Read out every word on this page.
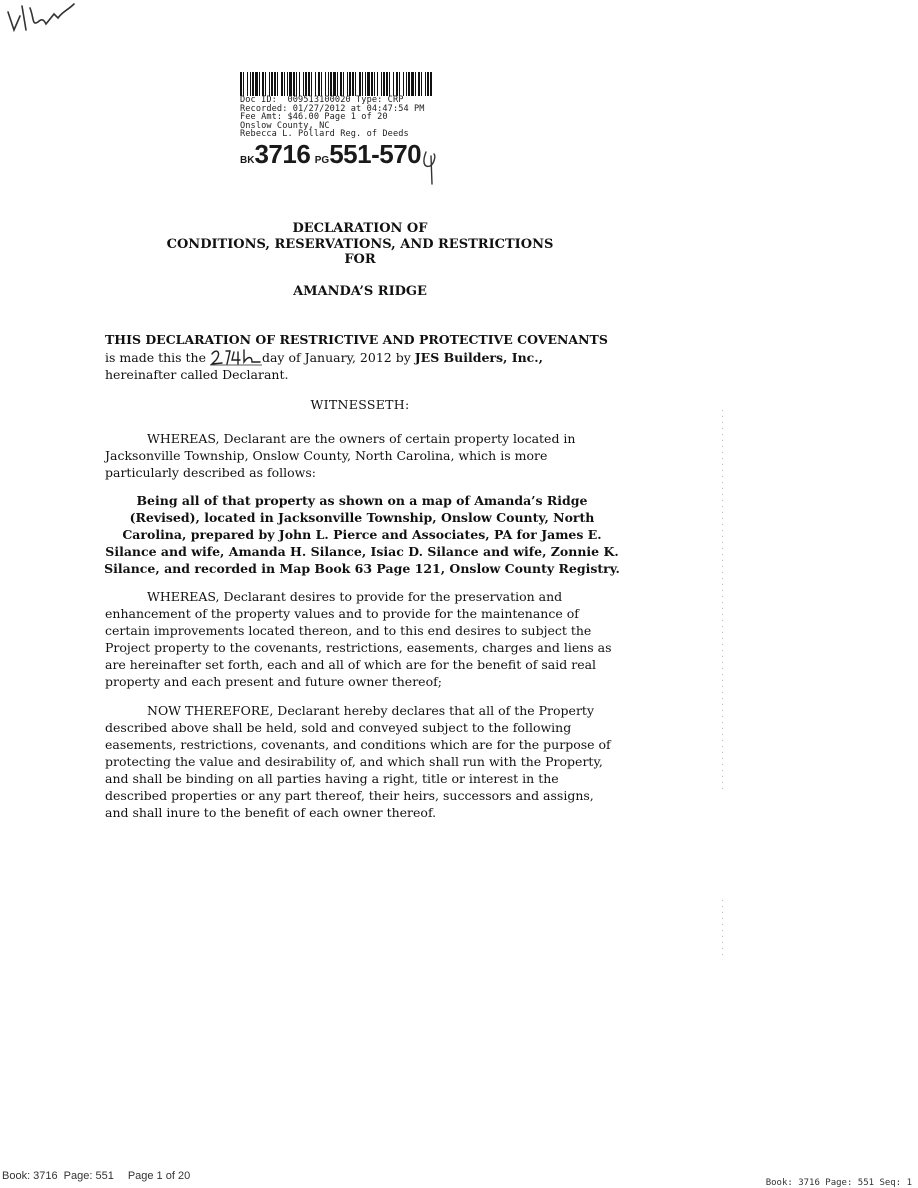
Doc ID:  009513100020 Type: CRP
Recorded: 01/27/2012 at 04:47:54 PM
Fee Amt: $46.00 Page 1 of 20
Onslow County, NC
Rebecca L. Pollard Reg. of Deeds
BK3716 PG551-570
DECLARATION OF
CONDITIONS, RESERVATIONS, AND RESTRICTIONS
FOR
AMANDA’S RIDGE
THIS DECLARATION OF RESTRICTIVE AND PROTECTIVE COVENANTS is made this the	day of January, 2012 by JES Builders, Inc., hereinafter called Declarant.
WITNESSETH:
WHEREAS, Declarant are the owners of certain property located in Jacksonville Township, Onslow County, North Carolina, which is more particularly described as follows:
Being all of that property as shown on a map of Amanda’s Ridge (Revised), located in Jacksonville Township, Onslow County, North Carolina, prepared by John L. Pierce and Associates, PA for James E. Silance and wife, Amanda H. Silance, Isiac D. Silance and wife, Zonnie K. Silance, and recorded in Map Book 63 Page 121, Onslow County Registry.
WHEREAS, Declarant desires to provide for the preservation and enhancement of the property values and to provide for the maintenance of certain improvements located thereon, and to this end desires to subject the Project property to the covenants, restrictions, easements, charges and liens as are hereinafter set forth, each and all of which are for the benefit of said real property and each present and future owner thereof;
NOW THEREFORE, Declarant hereby declares that all of the Property described above shall be held, sold and conveyed subject to the following easements, restrictions, covenants, and conditions which are for the purpose of protecting the value and desirability of, and which shall run with the Property, and shall be binding on all parties having a right, title or interest in the described properties or any part thereof, their heirs, successors and assigns, and shall inure to the benefit of each owner thereof.
Book: 3716 Page: 551 Page 1 of 20
Book: 3716 Page: 551 Seq: 1
